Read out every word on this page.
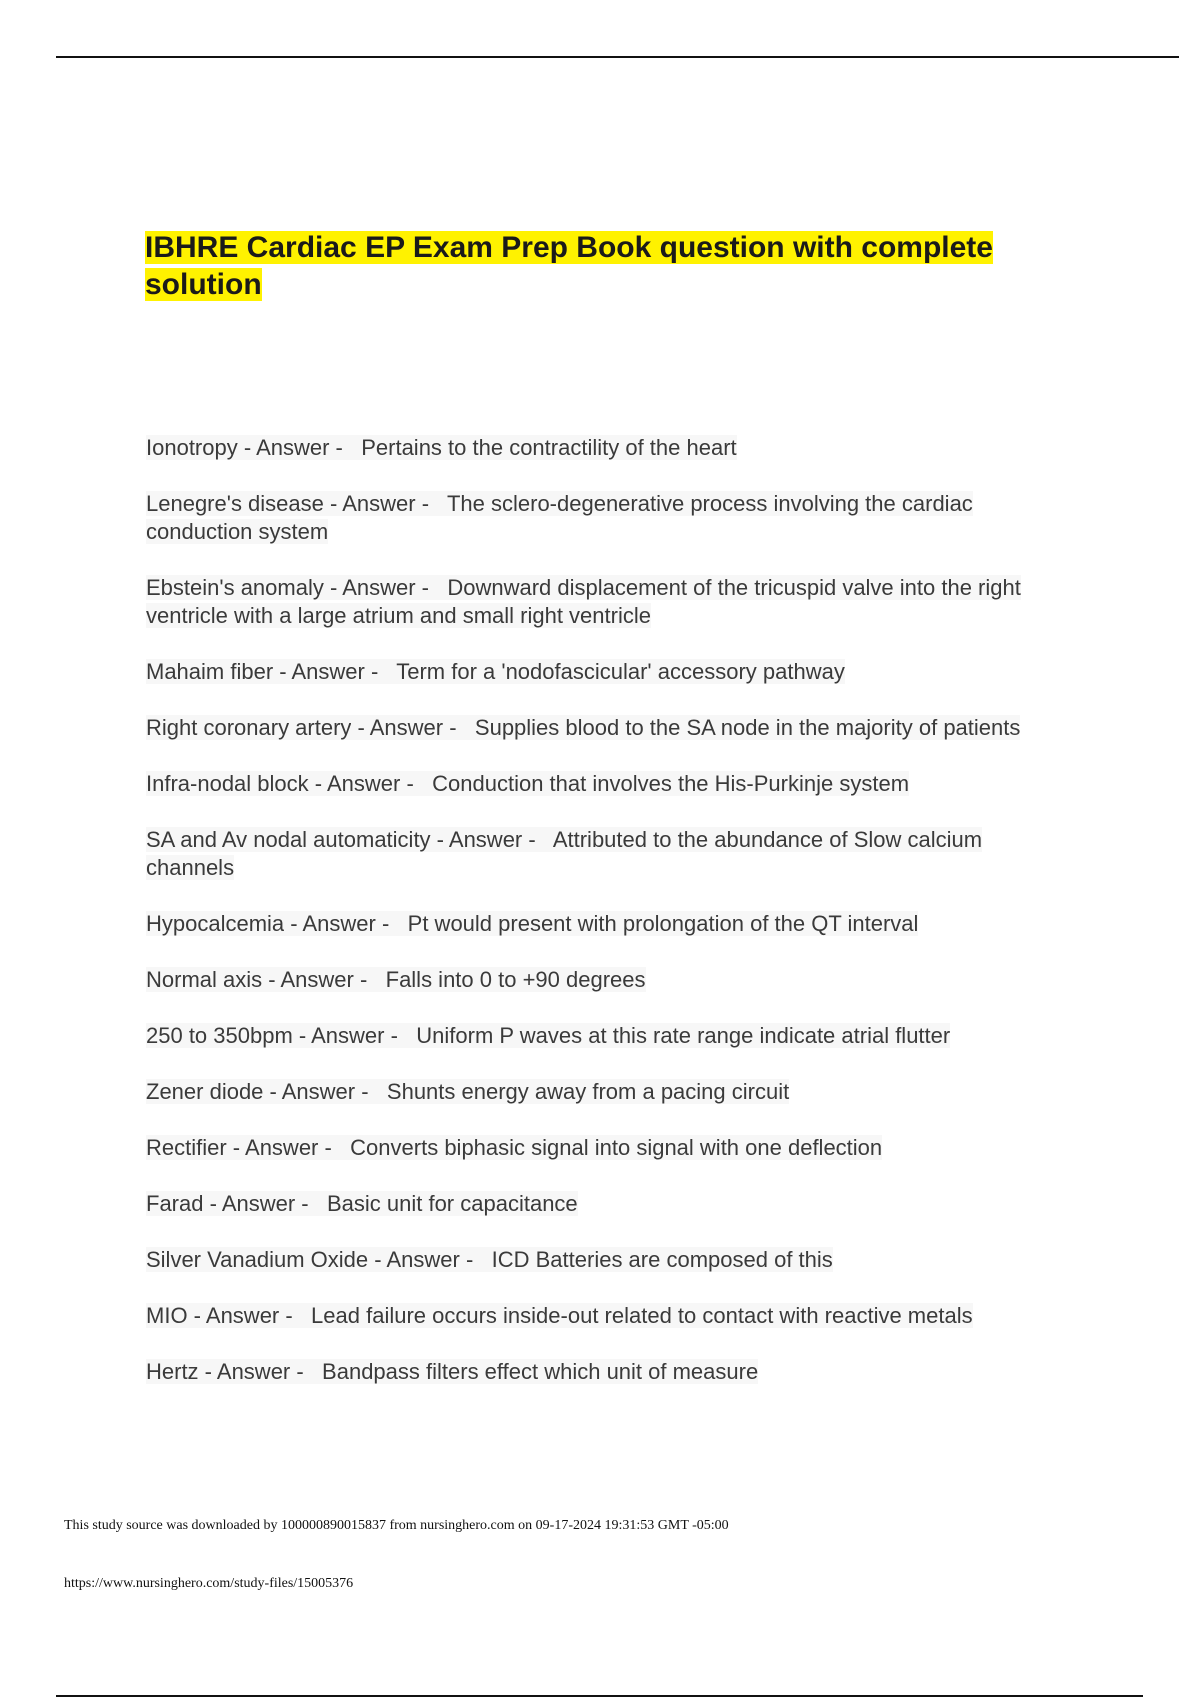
IBHRE Cardiac EP Exam Prep Book question with complete solution
Ionotropy - Answer -   Pertains to the contractility of the heart
Lenegre's disease - Answer -   The sclero-degenerative process involving the cardiac conduction system
Ebstein's anomaly - Answer -   Downward displacement of the tricuspid valve into the right ventricle with a large atrium and small right ventricle
Mahaim fiber - Answer -   Term for a 'nodofascicular' accessory pathway
Right coronary artery - Answer -   Supplies blood to the SA node in the majority of patients
Infra-nodal block - Answer -   Conduction that involves the His-Purkinje system
SA and Av nodal automaticity - Answer -   Attributed to the abundance of Slow calcium channels
Hypocalcemia - Answer -   Pt would present with prolongation of the QT interval
Normal axis - Answer -   Falls into 0 to +90 degrees
250 to 350bpm - Answer -   Uniform P waves at this rate range indicate atrial flutter
Zener diode - Answer -   Shunts energy away from a pacing circuit
Rectifier - Answer -   Converts biphasic signal into signal with one deflection
Farad - Answer -   Basic unit for capacitance
Silver Vanadium Oxide - Answer -   ICD Batteries are composed of this
MIO - Answer -   Lead failure occurs inside-out related to contact with reactive metals
Hertz - Answer -   Bandpass filters effect which unit of measure

This study source was downloaded by 100000890015837 from nursinghero.com on 09-17-2024 19:31:53 GMT -05:00

https://www.nursinghero.com/study-files/15005376
